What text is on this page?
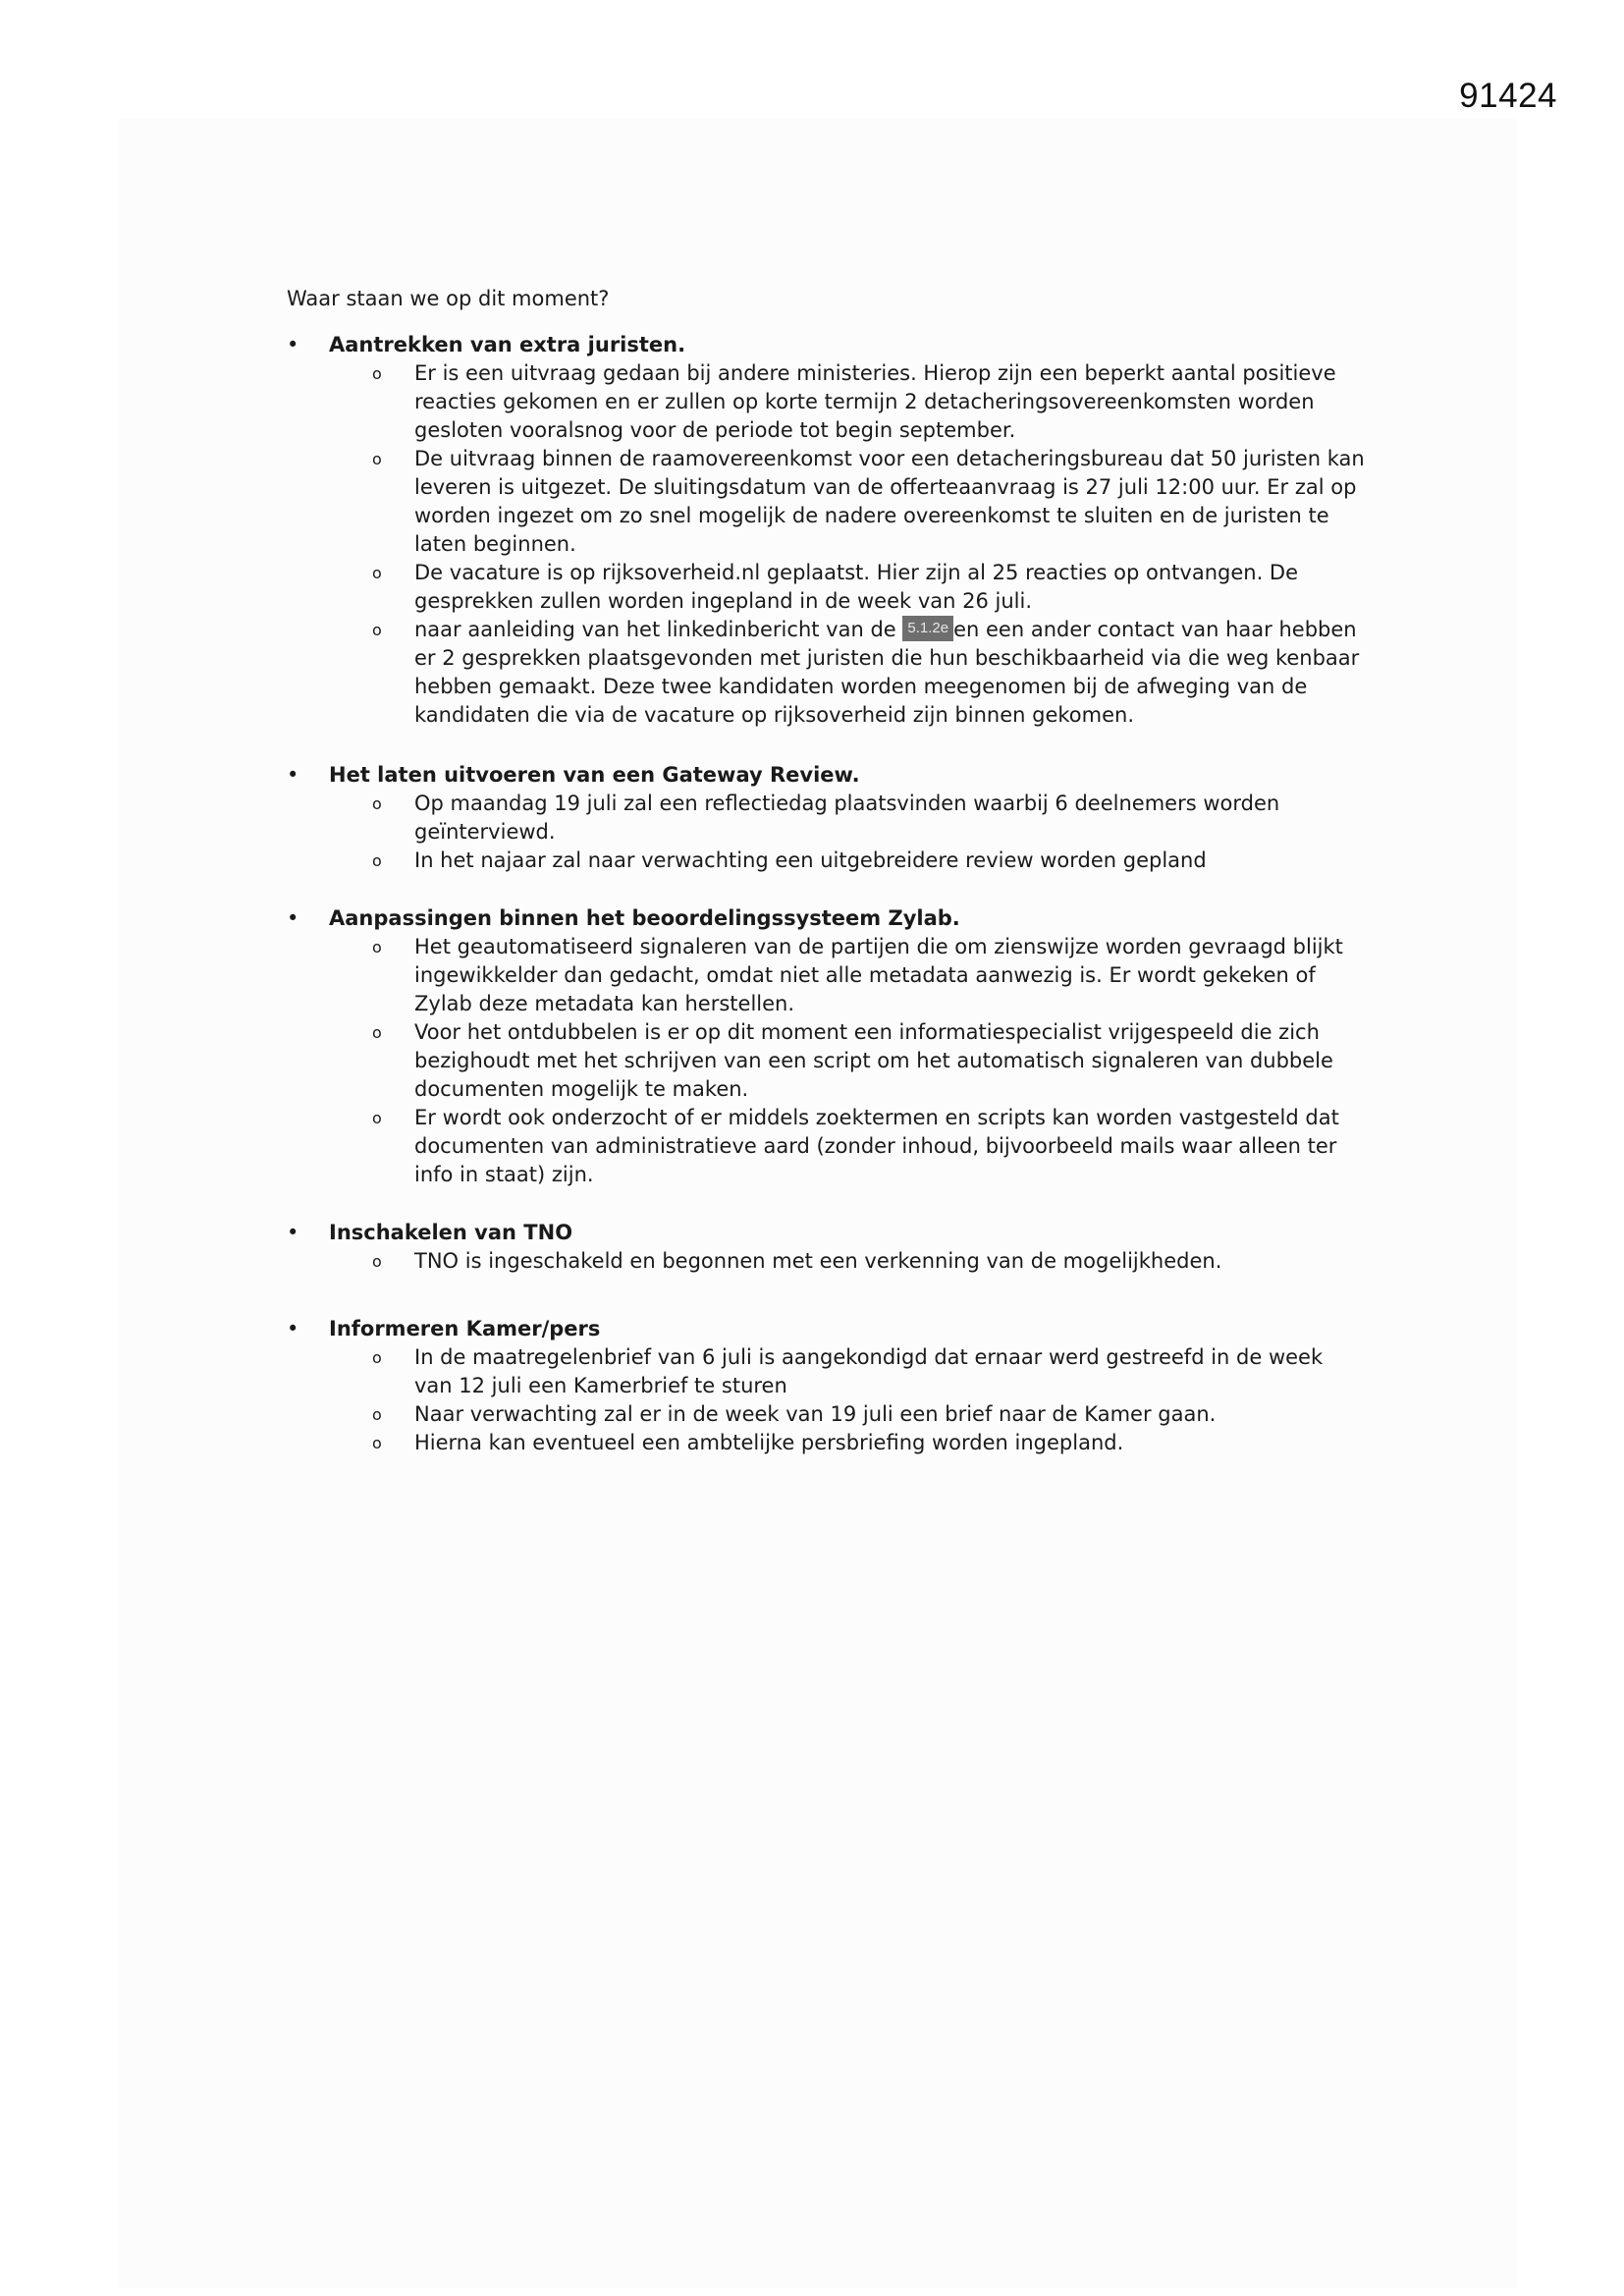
91424

Waar staan we op dit moment?

• Aantrekken van extra juristen.

o Er is een uitvraag gedaan bij andere ministeries. Hierop zijn een beperkt aantal positieve reacties gekomen en er zullen op korte termijn 2 detacheringsovereenkomsten worden gesloten vooralsnog voor de periode tot begin september.
o De uitvraag binnen de raamovereenkomst voor een detacheringsbureau dat 50 juristen kan leveren is uitgezet. De sluitingsdatum van de offerteaanvraag is 27 juli 12:00 uur. Er zal op worden ingezet om zo snel mogelijk de nadere overeenkomst te sluiten en de juristen te laten beginnen.
o De vacature is op rijksoverheid.nl geplaatst. Hier zijn al 25 reacties op ontvangen. De gesprekken zullen worden ingepland in de week van 26 juli.
o naar aanleiding van het linkedinbericht van de 5.1.2e en een ander contact van haar hebben er 2 gesprekken plaatsgevonden met juristen die hun beschikbaarheid via die weg kenbaar hebben gemaakt. Deze twee kandidaten worden meegenomen bij de afweging van de kandidaten die via de vacature op rijksoverheid zijn binnen gekomen.
• Het laten uitvoeren van een Gateway Review.

o Op maandag 19 juli zal een reflectiedag plaatsvinden waarbij 6 deelnemers worden geïnterviewd.
o In het najaar zal naar verwachting een uitgebreidere review worden gepland
• Aanpassingen binnen het beoordelingssysteem Zylab.

o Het geautomatiseerd signaleren van de partijen die om zienswijze worden gevraagd blijkt ingewikkelder dan gedacht, omdat niet alle metadata aanwezig is. Er wordt gekeken of Zylab deze metadata kan herstellen.
o Voor het ontdubbelen is er op dit moment een informatiespecialist vrijgespeeld die zich bezighoudt met het schrijven van een script om het automatisch signaleren van dubbele documenten mogelijk te maken.
o Er wordt ook onderzocht of er middels zoektermen en scripts kan worden vastgesteld dat documenten van administratieve aard (zonder inhoud, bijvoorbeeld mails waar alleen ter info in staat) zijn.
• Inschakelen van TNO

o TNO is ingeschakeld en begonnen met een verkenning van de mogelijkheden.
• Informeren Kamer/pers

o In de maatregelenbrief van 6 juli is aangekondigd dat ernaar werd gestreefd in de week van 12 juli een Kamerbrief te sturen
o Naar verwachting zal er in de week van 19 juli een brief naar de Kamer gaan.
o Hierna kan eventueel een ambtelijke persbriefing worden ingepland.
